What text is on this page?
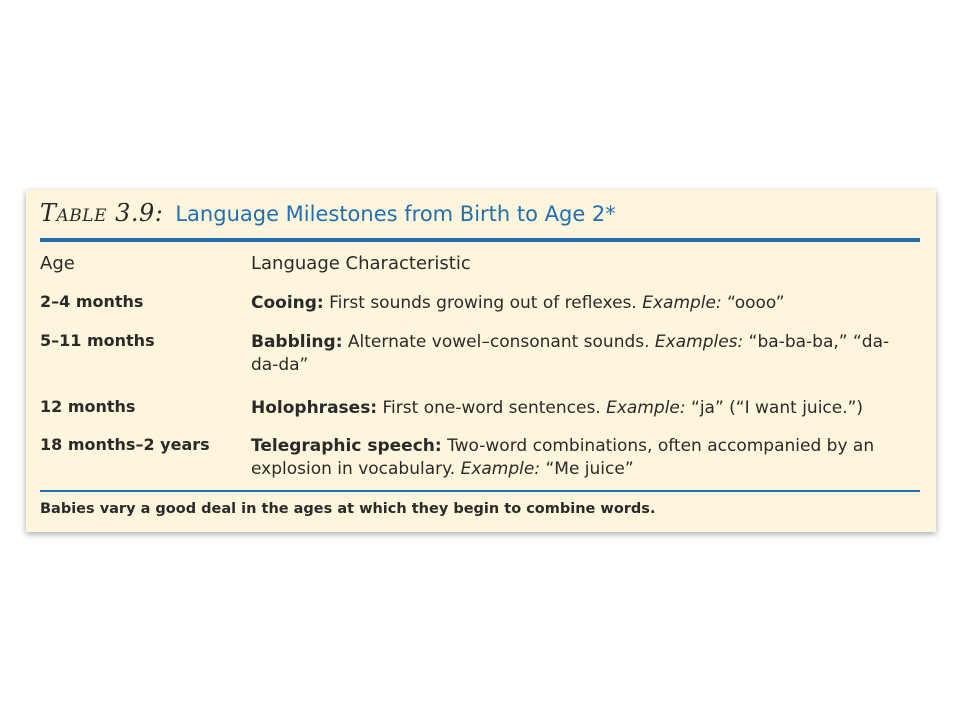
Table 3.9: Language Milestones from Birth to Age 2*
Age	Language Characteristic
2–4 months	Cooing: First sounds growing out of reflexes. Example: “oooo”
5–11 months	Babbling: Alternate vowel–consonant sounds. Examples: “ba-ba-ba,” “da-da-da”
12 months	Holophrases: First one-word sentences. Example: “ja” (“I want juice.”)
18 months–2 years Telegraphic speech: Two-word combinations, often accompanied by an explosion in vocabulary. Example: “Me juice”
Babies vary a good deal in the ages at which they begin to combine words.
